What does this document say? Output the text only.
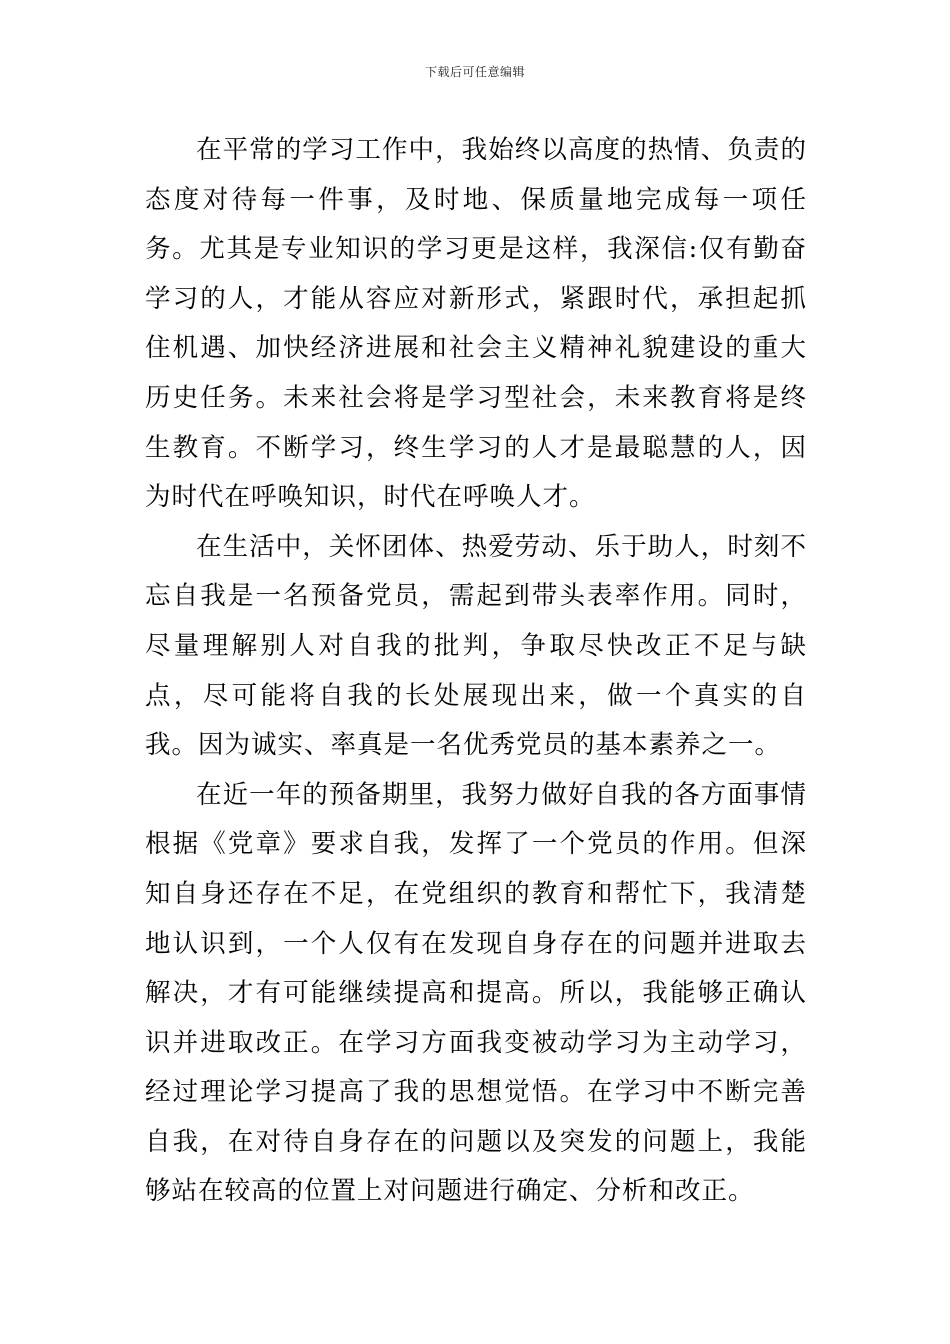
下载后可任意编辑

在平常的学习工作中，我始终以高度的热情、负责的态度对待每一件事，及时地、保质量地完成每一项任务。尤其是专业知识的学习更是这样，我深信:仅有勤奋学习的人，才能从容应对新形式，紧跟时代，承担起抓住机遇、加快经济进展和社会主义精神礼貌建设的重大历史任务。未来社会将是学习型社会，未来教育将是终生教育。不断学习，终生学习的人才是最聪慧的人，因为时代在呼唤知识，时代在呼唤人才。

在生活中，关怀团体、热爱劳动、乐于助人，时刻不忘自我是一名预备党员，需起到带头表率作用。同时，尽量理解别人对自我的批判，争取尽快改正不足与缺点，尽可能将自我的长处展现出来，做一个真实的自我。因为诚实、率真是一名优秀党员的基本素养之一。

在近一年的预备期里，我努力做好自我的各方面事情根据《党章》要求自我，发挥了一个党员的作用。但深知自身还存在不足，在党组织的教育和帮忙下，我清楚地认识到，一个人仅有在发现自身存在的问题并进取去解决，才有可能继续提高和提高。所以，我能够正确认识并进取改正。在学习方面我变被动学习为主动学习，经过理论学习提高了我的思想觉悟。在学习中不断完善自我，在对待自身存在的问题以及突发的问题上，我能够站在较高的位置上对问题进行确定、分析和改正。
